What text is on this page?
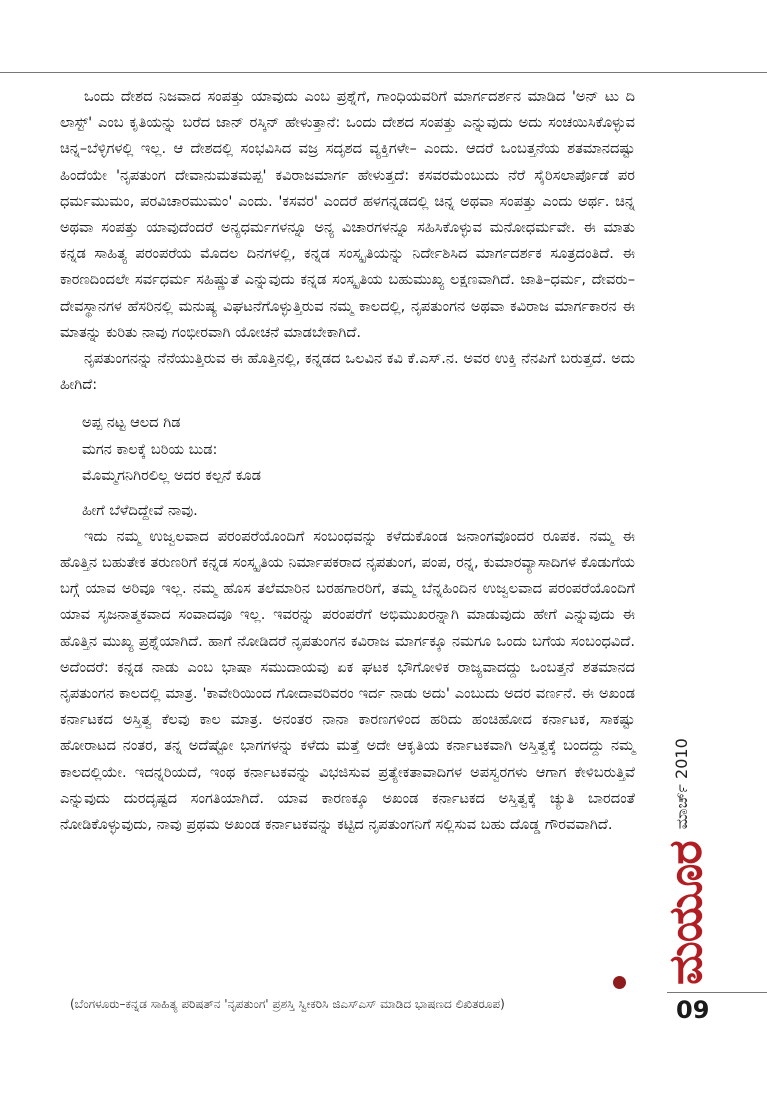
ಒಂದು ದೇಶದ ನಿಜವಾದ ಸಂಪತ್ತು ಯಾವುದು ಎಂಬ ಪ್ರಶ್ನೆಗೆ, ಗಾಂಧಿಯವರಿಗೆ ಮಾರ್ಗದರ್ಶನ ಮಾಡಿದ 'ಅನ್ ಟು ದಿ ಲಾಸ್ಟ್' ಎಂಬ ಕೃತಿಯನ್ನು ಬರೆದ ಜಾನ್ ರಸ್ಕಿನ್ ಹೇಳುತ್ತಾನೆ: ಒಂದು ದೇಶದ ಸಂಪತ್ತು ಎನ್ನುವುದು ಅದು ಸಂಚಯಿಸಿಕೊಳ್ಳುವ ಚಿನ್ನ–ಬೆಳ್ಳಿಗಳಲ್ಲಿ ಇಲ್ಲ. ಆ ದೇಶದಲ್ಲಿ ಸಂಭವಿಸಿದ ವಜ್ರ ಸದೃಶದ ವ್ಯಕ್ತಿಗಳೇ– ಎಂದು. ಆದರೆ ಒಂಬತ್ತನೆಯ ಶತಮಾನದಷ್ಟು ಹಿಂದೆಯೇ 'ನೃಪತುಂಗ ದೇವಾನುಮತಮಪ್ಪ' ಕವಿರಾಜಮಾರ್ಗ ಹೇಳುತ್ತದೆ: ಕಸವರಮೆಂಬುದು ನೆರೆ ಸೈರಿಸಲಾರ್ಪೊಡೆ ಪರ ಧರ್ಮಮುಮಂ, ಪರವಿಚಾರಮುಮಂ' ಎಂದು. 'ಕಸವರ' ಎಂದರೆ ಹಳಗನ್ನಡದಲ್ಲಿ ಚಿನ್ನ ಅಥವಾ ಸಂಪತ್ತು ಎಂದು ಅರ್ಥ. ಚಿನ್ನ ಅಥವಾ ಸಂಪತ್ತು ಯಾವುದೆಂದರೆ ಅನ್ಯಧರ್ಮಗಳನ್ನೂ ಅನ್ಯ ವಿಚಾರಗಳನ್ನೂ ಸಹಿಸಿಕೊಳ್ಳುವ ಮನೋಧರ್ಮವೇ. ಈ ಮಾತು ಕನ್ನಡ ಸಾಹಿತ್ಯ ಪರಂಪರೆಯ ಮೊದಲ ದಿನಗಳಲ್ಲಿ, ಕನ್ನಡ ಸಂಸ್ಕೃತಿಯನ್ನು ನಿರ್ದೇಶಿಸಿದ ಮಾರ್ಗದರ್ಶಕ ಸೂತ್ರದಂತಿದೆ. ಈ ಕಾರಣದಿಂದಲೇ ಸರ್ವಧರ್ಮ ಸಹಿಷ್ಣುತೆ ಎನ್ನುವುದು ಕನ್ನಡ ಸಂಸ್ಕೃತಿಯ ಬಹುಮುಖ್ಯ ಲಕ್ಷಣವಾಗಿದೆ. ಜಾತಿ–ಧರ್ಮ, ದೇವರು–ದೇವಸ್ಥಾನಗಳ ಹೆಸರಿನಲ್ಲಿ ಮನುಷ್ಯ ವಿಘಟನೆಗೊಳ್ಳುತ್ತಿರುವ ನಮ್ಮ ಕಾಲದಲ್ಲಿ, ನೃಪತುಂಗನ ಅಥವಾ ಕವಿರಾಜ ಮಾರ್ಗಕಾರನ ಈ ಮಾತನ್ನು ಕುರಿತು ನಾವು ಗಂಭೀರವಾಗಿ ಯೋಚನೆ ಮಾಡಬೇಕಾಗಿದೆ.

ನೃಪತುಂಗನನ್ನು ನೆನೆಯುತ್ತಿರುವ ಈ ಹೊತ್ತಿನಲ್ಲಿ, ಕನ್ನಡದ ಒಲವಿನ ಕವಿ ಕೆ.ಎಸ್.ನ. ಅವರ ಉಕ್ತಿ ನೆನಪಿಗೆ ಬರುತ್ತದೆ. ಅದು ಹೀಗಿದೆ:

ಅಪ್ಪ ನಟ್ಟ ಆಲದ ಗಿಡ
ಮಗನ ಕಾಲಕ್ಕೆ ಬರಿಯ ಬುಡ:
ಮೊಮ್ಮಗನಿಗಿರಲಿಲ್ಲ ಅದರ ಕಲ್ಪನೆ ಕೂಡ

ಹೀಗೆ ಬೆಳೆದಿದ್ದೇವೆ ನಾವು.

ಇದು ನಮ್ಮ ಉಜ್ವಲವಾದ ಪರಂಪರೆಯೊಂದಿಗೆ ಸಂಬಂಧವನ್ನು ಕಳೆದುಕೊಂಡ ಜನಾಂಗವೊಂದರ ರೂಪಕ. ನಮ್ಮ ಈ ಹೊತ್ತಿನ ಬಹುತೇಕ ತರುಣರಿಗೆ ಕನ್ನಡ ಸಂಸ್ಕೃತಿಯ ನಿರ್ಮಾಪಕರಾದ ನೃಪತುಂಗ, ಪಂಪ, ರನ್ನ, ಕುಮಾರವ್ಯಾಸಾದಿಗಳ ಕೊಡುಗೆಯ ಬಗ್ಗೆ ಯಾವ ಅರಿವೂ ಇಲ್ಲ. ನಮ್ಮ ಹೊಸ ತಲೆಮಾರಿನ ಬರಹಗಾರರಿಗೆ, ತಮ್ಮ ಬೆನ್ನಹಿಂದಿನ ಉಜ್ವಲವಾದ ಪರಂಪರೆಯೊಂದಿಗೆ ಯಾವ ಸೃಜನಾತ್ಮಕವಾದ ಸಂವಾದವೂ ಇಲ್ಲ. ಇವರನ್ನು ಪರಂಪರೆಗೆ ಅಭಿಮುಖರನ್ನಾಗಿ ಮಾಡುವುದು ಹೇಗೆ ಎನ್ನುವುದು ಈ ಹೊತ್ತಿನ ಮುಖ್ಯ ಪ್ರಶ್ನೆಯಾಗಿದೆ. ಹಾಗೆ ನೋಡಿದರೆ ನೃಪತುಂಗನ ಕವಿರಾಜ ಮಾರ್ಗಕ್ಕೂ ನಮಗೂ ಒಂದು ಬಗೆಯ ಸಂಬಂಧವಿದೆ. ಅದೆಂದರೆ: ಕನ್ನಡ ನಾಡು ಎಂಬ ಭಾಷಾ ಸಮುದಾಯವು ಏಕ ಘಟಕ ಭೌಗೋಳಿಕ ರಾಜ್ಯವಾದದ್ದು ಒಂಬತ್ತನೆ ಶತಮಾನದ ನೃಪತುಂಗನ ಕಾಲದಲ್ಲಿ ಮಾತ್ರ. 'ಕಾವೇರಿಯಿಂದ ಗೋದಾವರಿವರಂ ಇರ್ದ ನಾಡು ಅದು' ಎಂಬುದು ಅದರ ವರ್ಣನೆ. ಈ ಅಖಂಡ ಕರ್ನಾಟಕದ ಅಸ್ತಿತ್ವ ಕೆಲವು ಕಾಲ ಮಾತ್ರ. ಅನಂತರ ನಾನಾ ಕಾರಣಗಳಿಂದ ಹರಿದು ಹಂಚಿಹೋದ ಕರ್ನಾಟಕ, ಸಾಕಷ್ಟು ಹೋರಾಟದ ನಂತರ, ತನ್ನ ಅದೆಷ್ಟೋ ಭಾಗಗಳನ್ನು ಕಳೆದು ಮತ್ತೆ ಅದೇ ಆಕೃತಿಯ ಕರ್ನಾಟಕವಾಗಿ ಅಸ್ತಿತ್ವಕ್ಕೆ ಬಂದದ್ದು ನಮ್ಮ ಕಾಲದಲ್ಲಿಯೇ. ಇದನ್ನರಿಯದೆ, ಇಂಥ ಕರ್ನಾಟಕವನ್ನು ವಿಭಜಿಸುವ ಪ್ರತ್ಯೇಕತಾವಾದಿಗಳ ಅಪಸ್ವರಗಳು ಆಗಾಗ ಕೇಳಿಬರುತ್ತಿವೆ ಎನ್ನುವುದು ದುರದೃಷ್ಟದ ಸಂಗತಿಯಾಗಿದೆ. ಯಾವ ಕಾರಣಕ್ಕೂ ಅಖಂಡ ಕರ್ನಾಟಕದ ಅಸ್ತಿತ್ವಕ್ಕೆ ಚ್ಯುತಿ ಬಾರದಂತೆ ನೋಡಿಕೊಳ್ಳುವುದು, ನಾವು ಪ್ರಥಮ ಅಖಂಡ ಕರ್ನಾಟಕವನ್ನು ಕಟ್ಟಿದ ನೃಪತುಂಗನಿಗೆ ಸಲ್ಲಿಸುವ ಬಹು ದೊಡ್ಡ ಗೌರವವಾಗಿದೆ.

(ಬೆಂಗಳೂರು–ಕನ್ನಡ ಸಾಹಿತ್ಯ ಪರಿಷತ್‌ನ 'ನೃಪತುಂಗ' ಪ್ರಶಸ್ತಿ ಸ್ವೀಕರಿಸಿ ಜಿಎಸ್‌ಎಸ್ ಮಾಡಿದ ಭಾಷಣದ ಲಿಖಿತರೂಪ)
ಮಯೂರ
ಮಾರ್ಚ್ 2010
09
